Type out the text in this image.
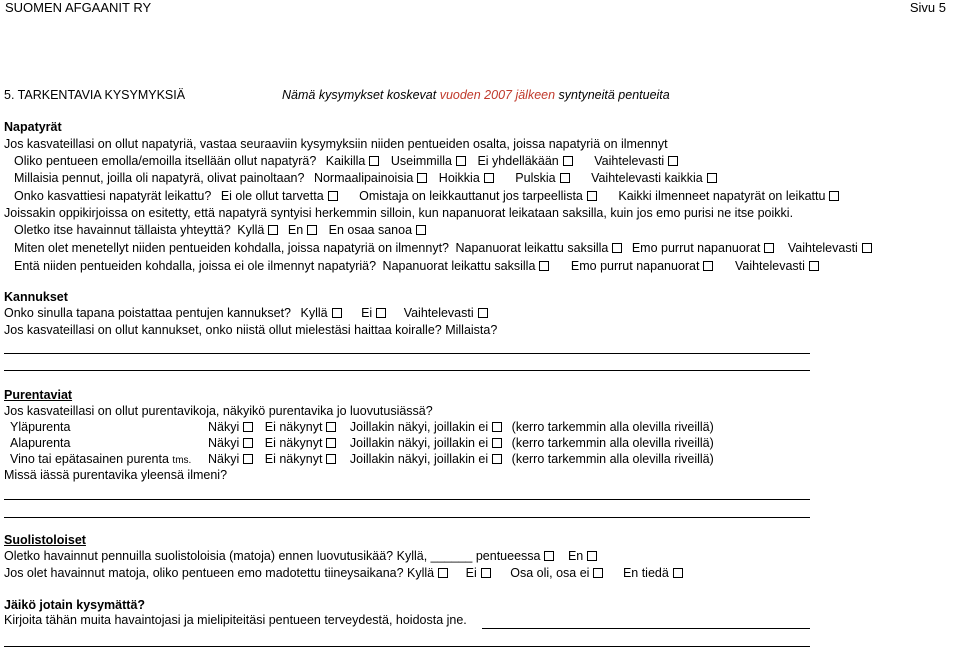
SUOMEN AFGAANIT RY	Sivu 5
5. TARKENTAVIA KYSYMYKSIÄ	Nämä kysymykset koskevat vuoden 2007 jälkeen syntyneitä pentueita
Napatyrät
Jos kasvateillasi on ollut napatyriä, vastaa seuraaviin kysymyksiin niiden pentueiden osalta, joissa napatyriä on ilmennyt
Oliko pentueen emolla/emoilla itsellään ollut napatyrä? Kaikilla Useimmilla Ei yhdelläkään	Vaihtelevasti
Millaisia pennut, joilla oli napatyrä, olivat painoltaan? Normaalipainoisia Hoikkia	Pulskia	Vaihtelevasti kaikkia
Onko kasvattiesi napatyrät leikattu? Ei ole ollut tarvetta	Omistaja on leikkauttanut jos tarpeellista	Kaikki ilmenneet napatyrät on leikattu
Joissakin oppikirjoissa on esitetty, että napatyrä syntyisi herkemmin silloin, kun napanuorat leikataan saksilla, kuin jos emo purisi ne itse poikki.
Oletko itse havainnut tällaista yhteyttä? Kyllä En En osaa sanoa
Miten olet menetellyt niiden pentueiden kohdalla, joissa napatyriä on ilmennyt? Napanuorat leikattu saksilla Emo purrut napanuorat Vaihtelevasti
Entä niiden pentueiden kohdalla, joissa ei ole ilmennyt napatyriä? Napanuorat leikattu saksilla	Emo purrut napanuorat	Vaihtelevasti
Kannukset
Onko sinulla tapana poistattaa pentujen kannukset? Kyllä	Ei	Vaihtelevasti
Jos kasvateillasi on ollut kannukset, onko niistä ollut mielestäsi haittaa koiralle? Millaista?
Purentaviat
Jos kasvateillasi on ollut purentavikoja, näkyikö purentavika jo luovutusiässä?
Yläpurenta	Näkyi Ei näkynyt Joillakin näkyi, joillakin ei (kerro tarkemmin alla olevilla riveillä)
Alapurenta	Näkyi Ei näkynyt Joillakin näkyi, joillakin ei (kerro tarkemmin alla olevilla riveillä)
Vino tai epätasainen purenta tms. Näkyi Ei näkynyt Joillakin näkyi, joillakin ei (kerro tarkemmin alla olevilla riveillä)
Missä iässä purentavika yleensä ilmeni?
Suolistoloiset
Oletko havainnut pennuilla suolistoloisia (matoja) ennen luovutusikää? Kyllä, ______ pentueessa En
Jos olet havainnut matoja, oliko pentueen emo madotettu tiineysaikana? Kyllä	Ei	Osa oli, osa ei	En tiedä
Jäikö jotain kysymättä?
Kirjoita tähän muita havaintojasi ja mielipiteitäsi pentueen terveydestä, hoidosta jne.
